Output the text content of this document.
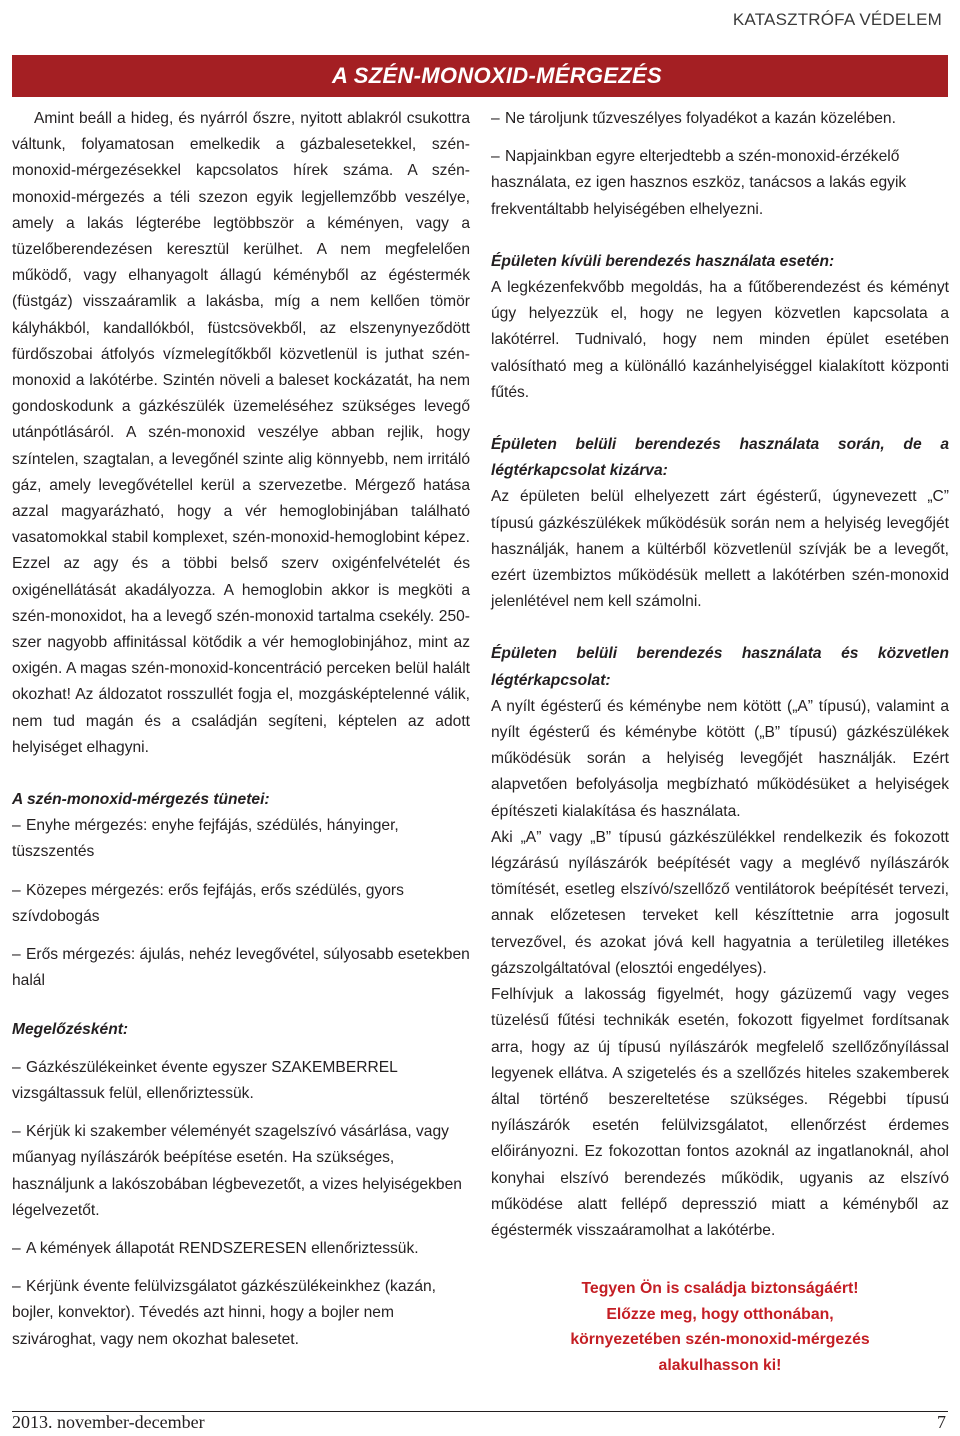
KATASZTRÓFA VÉDELEM
A SZÉN-MONOXID-MÉRGEZÉS

Amint beáll a hideg, és nyárról őszre, nyitott ablakról csukottra váltunk, folyamatosan emelkedik a gázbalesetekkel, szén-monoxid-mérgezésekkel kapcsolatos hírek száma. A szén-monoxid-mérgezés a téli szezon egyik legjellemzőbb veszélye, amely a lakás légterébe legtöbbször a kéményen, vagy a tüzelőberendezésen keresztül kerülhet. A nem megfelelően működő, vagy elhanyagolt állagú kéményből az égéstermék (füstgáz) visszaáramlik a lakásba, míg a nem kellően tömör kályhákból, kandallókból, füstcsövekből, az elszenynyeződött fürdőszobai átfolyós vízmelegítőkből közvetlenül is juthat szén-monoxid a lakótérbe. Szintén növeli a baleset kockázatát, ha nem gondoskodunk a gázkészülék üzemeléséhez szükséges levegő utánpótlásáról. A szén-monoxid veszélye abban rejlik, hogy színtelen, szagtalan, a levegőnél szinte alig könnyebb, nem irritáló gáz, amely levegővétellel kerül a szervezetbe. Mérgező hatása azzal magyarázható, hogy a vér hemoglobinjában található vasatomokkal stabil komplexet, szén-monoxid-hemoglobint képez. Ezzel az agy és a többi belső szerv oxigénfelvételét és oxigénellátását akadályozza. A hemoglobin akkor is megköti a szén-monoxidot, ha a levegő szén-monoxid tartalma csekély. 250-szer nagyobb affinitással kötődik a vér hemoglobinjához, mint az oxigén. A magas szén-monoxid-koncentráció perceken belül halált okozhat! Az áldozatot rosszullét fogja el, mozgásképtelenné válik, nem tud magán és a családján segíteni, képtelen az adott helyiséget elhagyni.

A szén-monoxid-mérgezés tünetei:

– Enyhe mérgezés: enyhe fejfájás, szédülés, hányinger, tüszszentés
– Közepes mérgezés: erős fejfájás, erős szédülés, gyors szívdobogás
– Erős mérgezés: ájulás, nehéz levegővétel, súlyosabb esetekben halál

Megelőzésként:

– Gázkészülékeinket évente egyszer SZAKEMBERREL vizsgáltassuk felül, ellenőriztessük.
– Kérjük ki szakember véleményét szagelszívó vásárlása, vagy műanyag nyílászárók beépítése esetén. Ha szükséges, használjunk a lakószobában légbevezetőt, a vizes helyiségekben légelvezetőt.
– A kémények állapotát RENDSZERESEN ellenőriztessük.
– Kérjünk évente felülvizsgálatot gázkészülékeinkhez (kazán, bojler, konvektor). Tévedés azt hinni, hogy a bojler nem szivároghat, vagy nem okozhat balesetet.
– Ne tároljunk tűzveszélyes folyadékot a kazán közelében.
– Napjainkban egyre elterjedtebb a szén-monoxid-érzékelő használata, ez igen hasznos eszköz, tanácsos a lakás egyik frekventáltabb helyiségében elhelyezni.

Épületen kívüli berendezés használata esetén:

A legkézenfekvőbb megoldás, ha a fűtőberendezést és kéményt úgy helyezzük el, hogy ne legyen közvetlen kapcsolata a lakótérrel. Tudnivaló, hogy nem minden épület esetében valósítható meg a különálló kazánhelyiséggel kialakított központi fűtés.

Épületen belüli berendezés használata során, de a légtérkapcsolat kizárva:

Az épületen belül elhelyezett zárt égésterű, úgynevezett „C” típusú gázkészülékek működésük során nem a helyiség levegőjét használják, hanem a kültérből közvetlenül szívják be a levegőt, ezért üzembiztos működésük mellett a lakótérben szén-monoxid jelenlétével nem kell számolni.

Épületen belüli berendezés használata és közvetlen légtérkapcsolat:

A nyílt égésterű és kéménybe nem kötött („A” típusú), valamint a nyílt égésterű és kéménybe kötött („B” típusú) gázkészülékek működésük során a helyiség levegőjét használják. Ezért alapvetően befolyásolja megbízható működésüket a helyiségek építészeti kialakítása és használata.

Aki „A” vagy „B” típusú gázkészülékkel rendelkezik és fokozott légzárású nyílászárók beépítését vagy a meglévő nyílászárók tömítését, esetleg elszívó/szellőző ventilátorok beépítését tervezi, annak előzetesen terveket kell készíttetnie arra jogosult tervezővel, és azokat jóvá kell hagyatnia a területileg illetékes gázszolgáltatóval (elosztói engedélyes).

Felhívjuk a lakosság figyelmét, hogy gázüzemű vagy veges tüzelésű fűtési technikák esetén, fokozott figyelmet fordítsanak arra, hogy az új típusú nyílászárók megfelelő szellőzőnyílással legyenek ellátva. A szigetelés és a szellőzés hiteles szakemberek által történő beszereltetése szükséges. Régebbi típusú nyílászárók esetén felülvizsgálatot, ellenőrzést érdemes előirányozni. Ez fokozottan fontos azoknál az ingatlanoknál, ahol konyhai elszívó berendezés működik, ugyanis az elszívó működése alatt fellépő depresszió miatt a kéményből az égéstermék visszaáramolhat a lakótérbe.

Tegyen Ön is családja biztonságáért!
Előzze meg, hogy otthonában,
környezetében szén-monoxid-mérgezés
alakulhasson ki!
2013. november-december	7
